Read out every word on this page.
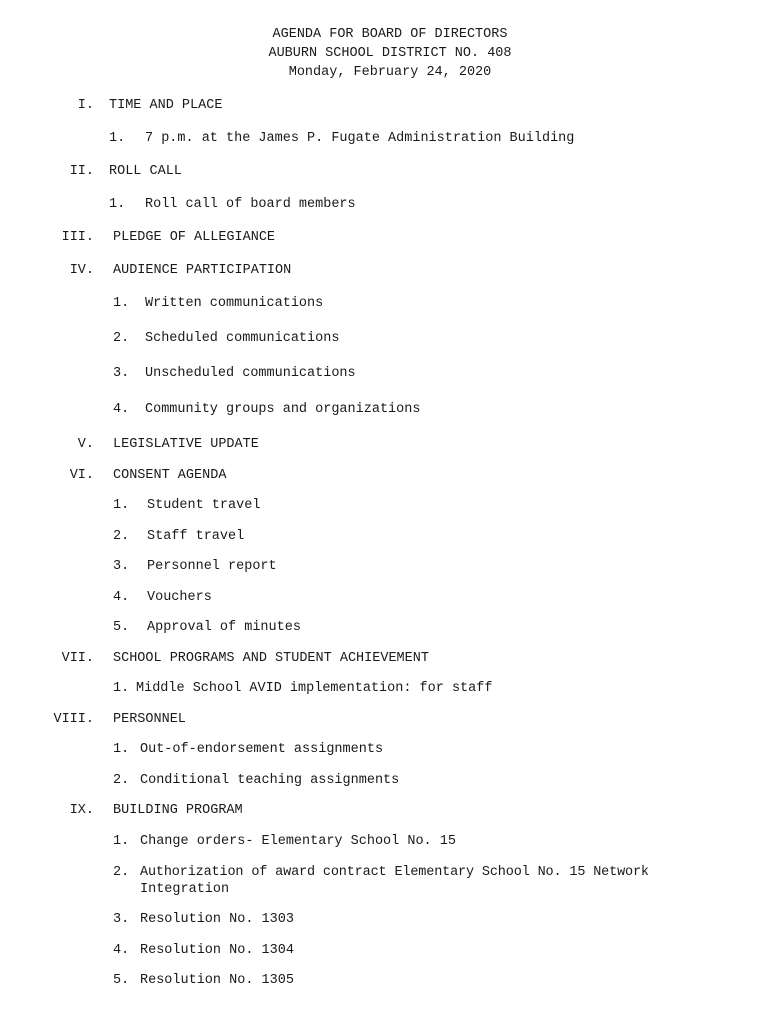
AGENDA FOR BOARD OF DIRECTORS
AUBURN SCHOOL DISTRICT NO. 408
Monday, February 24, 2020
I. TIME AND PLACE
1. 7 p.m. at the James P. Fugate Administration Building
II. ROLL CALL
1. Roll call of board members
III. PLEDGE OF ALLEGIANCE
IV. AUDIENCE PARTICIPATION
1. Written communications
2. Scheduled communications
3. Unscheduled communications
4. Community groups and organizations
V. LEGISLATIVE UPDATE
VI. CONSENT AGENDA
1. Student travel
2. Staff travel
3. Personnel report
4. Vouchers
5. Approval of minutes
VII. SCHOOL PROGRAMS AND STUDENT ACHIEVEMENT
1. Middle School AVID implementation: for staff
VIII. PERSONNEL
1. Out-of-endorsement assignments
2. Conditional teaching assignments
IX. BUILDING PROGRAM
1. Change orders- Elementary School No. 15
2. Authorization of award contract Elementary School No. 15 Network
Integration
3. Resolution No. 1303
4. Resolution No. 1304
5. Resolution No. 1305
